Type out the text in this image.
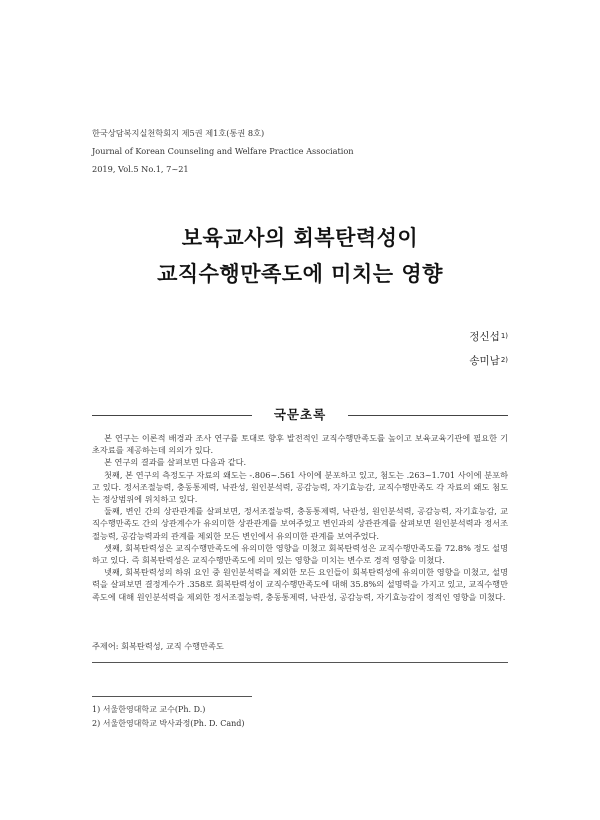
한국상담복지실천학회지 제5권 제1호(통권 8호)
Journal of Korean Counseling and Welfare Practice Association
2019, Vol.5 No.1, 7~21
보육교사의 회복탄력성이
교직수행만족도에 미치는 영향
정신섭$^{1)}$
송미남$^{2)}$
국문초록

본 연구는 이론적 배경과 조사 연구를 토대로 향후 발전적인 교직수행만족도를 높이고 보육교육기관에 필요한 기초자료를 제공하는데 의의가 있다.

본 연구의 결과를 살펴보면 다음과 같다.

첫째, 본 연구의 측정도구 자료의 왜도는 -.806~.561 사이에 분포하고 있고, 첨도는 .263~1.701 사이에 분포하고 있다. 정서조절능력, 충동통제력, 낙관성, 원인분석력, 공감능력, 자기효능감, 교직수행만족도 각 자료의 왜도 첨도는 정상범위에 위치하고 있다.

둘째, 변인 간의 상관관계를 살펴보면, 정서조절능력, 충동통제력, 낙관성, 원인분석력, 공감능력, 자기효능감, 교직수행만족도 간의 상관계수가 유의미한 상관관계를 보여주었고 변인과의 상관관계를 살펴보면 원인분석력과 정서조절능력, 공감능력과의 관계를 제외한 모든 변인에서 유의미한 관계를 보여주었다.

셋째, 회복탄력성은 교직수행만족도에 유의미한 영향을 미쳤고 회복탄력성은 교직수행만족도를 72.8% 정도 설명하고 있다. 즉 회복탄력성은 교직수행만족도에 의미 있는 영향을 미치는 변수로 경적 영향을 미쳤다.

넷째, 회복탄력성의 하위 요인 중 원인분석력을 제외한 모든 요인들이 회복탄력성에 유의미한 영향을 미쳤고, 설명력을 살펴보면 결정계수가 .358로 회복탄력성이 교직수행만족도에 대해 35.8%의 설명력을 가지고 있고, 교직수행만족도에 대해 원인분석력을 제외한 정서조절능력, 충동통제력, 낙관성, 공감능력, 자기효능감이 정적인 영향을 미쳤다.

주제어: 회복탄력성, 교직 수행만족도
1) 서울한영대학교 교수(Ph. D.)
2) 서울한영대학교 박사과정(Ph. D. Cand)
